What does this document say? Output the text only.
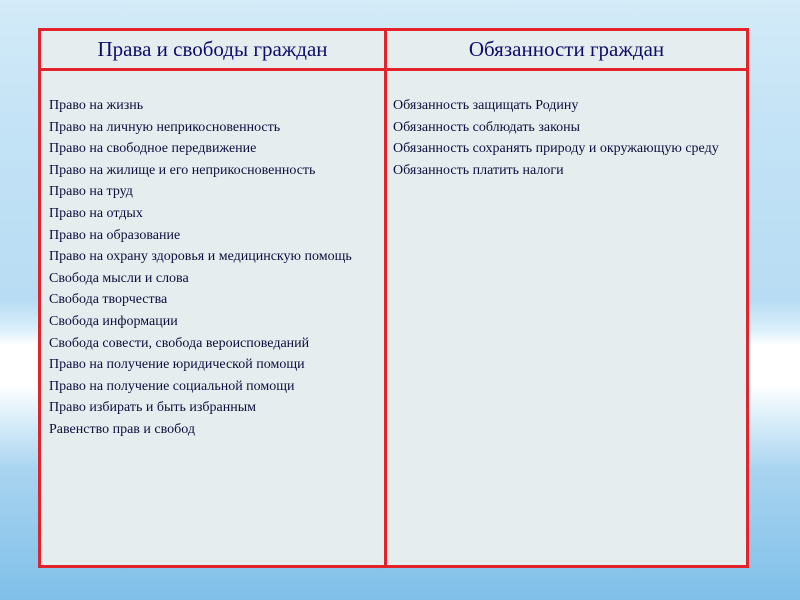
Права и свободы граждан	Обязанности граждан
Право на жизнь
Право на личную неприкосновенность
Право на свободное передвижение
Право на жилище и его неприкосновенность
Право на труд
Право на отдых
Право на образование
Право на охрану здоровья и медицинскую помощь
Свобода мысли и слова
Свобода творчества
Свобода информации
Свобода совести, свобода вероисповеданий
Право на получение юридической помощи
Право на получение социальной помощи
Право избирать и быть избранным
Равенство прав и свобод
Обязанность защищать Родину
Обязанность соблюдать законы
Обязанность сохранять природу и окружающую среду
Обязанность платить налоги
